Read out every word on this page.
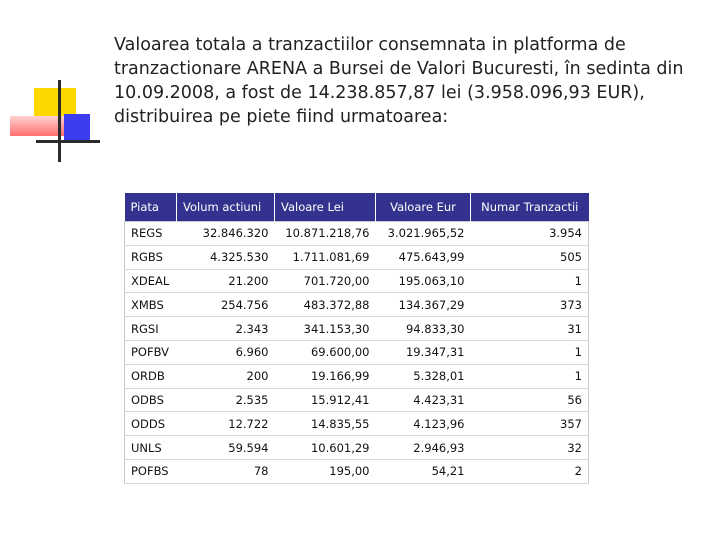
Valoarea totala a tranzactiilor consemnata in platforma de
tranzactionare ARENA a Bursei de Valori Bucuresti, în sedinta din
10.09.2008, a fost de 14.238.857,87 lei (3.958.096,93 EUR),
distribuirea pe piete fiind urmatoarea:
Piata	Volum actiuni	Valoare Lei	Valoare Eur	Numar Tranzactii
REGS	32.846.320	10.871.218,76	3.021.965,52	3.954
RGBS	4.325.530	1.711.081,69	475.643,99	505
XDEAL	21.200	701.720,00	195.063,10	1
XMBS	254.756	483.372,88	134.367,29	373
RGSI	2.343	341.153,30	94.833,30	31
POFBV	6.960	69.600,00	19.347,31	1
ORDB	200	19.166,99	5.328,01	1
ODBS	2.535	15.912,41	4.423,31	56
ODDS	12.722	14.835,55	4.123,96	357
UNLS	59.594	10.601,29	2.946,93	32
POFBS	78	195,00	54,21	2
